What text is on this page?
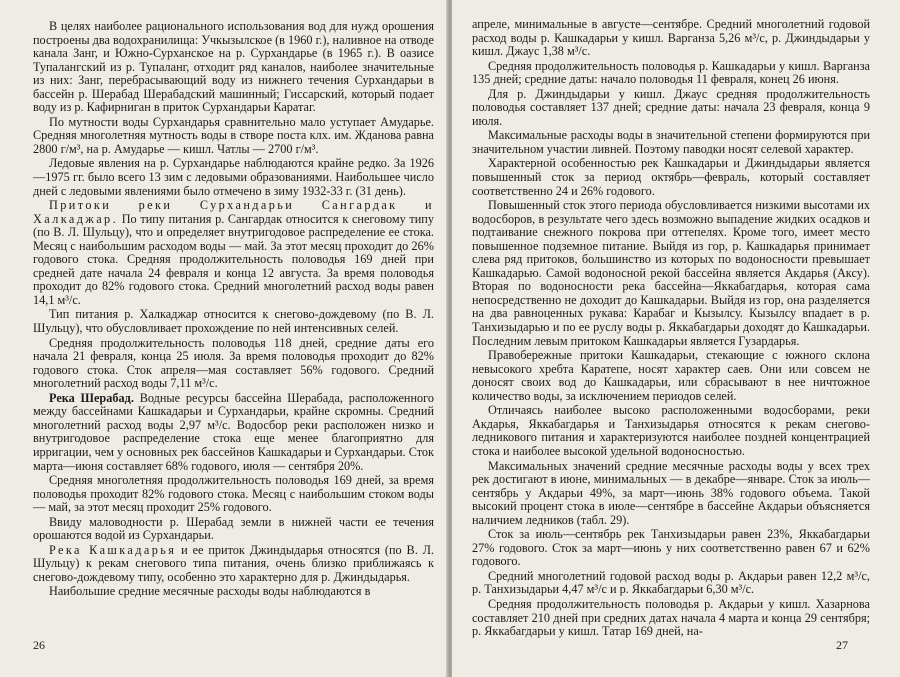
В целях наиболее рационального использования вод для нужд орошения построены два водохранилища: Учкызылское (в 1960 г.), наливное на отводе канала Занг, и Южно-Сурханское на р. Сурхандарье (в 1965 г.). В оазисе Тупалангский из р. Тупаланг, отходит ряд каналов, наиболее значительные из них: Занг, перебрасывающий воду из нижнего течения Сурхандарьи в бассейн р. Шерабад Шерабадский машинный; Гиссарский, который подает воду из р. Кафирниган в приток Сурхандарьи Каратаг.

По мутности воды Сурхандарья сравнительно мало уступает Амударье. Средняя многолетняя мутность воды в створе поста клх. им. Жданова равна 2800 г/м³, на р. Амударье — кишл. Чатлы — 2700 г/м³.

Ледовые явления на р. Сурхандарье наблюдаются крайне редко. За 1926—1975 гг. было всего 13 зим с ледовыми образованиями. Наибольшее число дней с ледовыми явлениями было отмечено в зиму 1932-33 г. (31 день).

Притоки реки Сурхандарьи Сангардак и Халкаджар. По типу питания р. Сангардак относится к снеговому типу (по В. Л. Шульцу), что и определяет внутригодовое распределение ее стока. Месяц с наибольшим расходом воды — май. За этот месяц проходит до 26% годового стока. Средняя продолжительность половодья 169 дней при средней дате начала 24 февраля и конца 12 августа. За время половодья проходит до 82% годового стока. Средний многолетний расход воды равен 14,1 м³/с.

Тип питания р. Халкаджар относится к снегово-дождевому (по В. Л. Шульцу), что обусловливает прохождение по ней интенсивных селей.

Средняя продолжительность половодья 118 дней, средние даты его начала 21 февраля, конца 25 июля. За время половодья проходит до 82% годового стока. Сток апреля—мая составляет 56% годового. Средний многолетний расход воды 7,11 м³/с.

Река Шерабад. Водные ресурсы бассейна Шерабада, расположенного между бассейнами Кашкадарьи и Сурхандарьи, крайне скромны. Средний многолетний расход воды 2,97 м³/с. Водосбор реки расположен низко и внутригодовое распределение стока еще менее благоприятно для ирригации, чем у основных рек бассейнов Кашкадарьи и Сурхандарьи. Сток марта—июня составляет 68% годового, июля — сентября 20%.

Средняя многолетняя продолжительность половодья 169 дней, за время половодья проходит 82% годового стока. Месяц с наибольшим стоком воды — май, за этот месяц проходит 25% годового.

Ввиду маловодности р. Шерабад земли в нижней части ее течения орошаются водой из Сурхандарьи.

Река Кашкадарья и ее приток Джиндыдарья относятся (по В. Л. Шульцу) к рекам снегового типа питания, очень близко приближаясь к снегово-дождевому типу, особенно это характерно для р. Джиндыдарья.

Наибольшие средние месячные расходы воды наблюдаются в

апреле, минимальные в августе—сентябре. Средний многолетний годовой расход воды р. Кашкадарьи у кишл. Варганза 5,26 м³/с, р. Джиндыдарьи у кишл. Джаус 1,38 м³/с.

Средняя продолжительность половодья р. Кашкадарьи у кишл. Варганза 135 дней; средние даты: начало половодья 11 февраля, конец 26 июня.

Для р. Джиндыдарьи у кишл. Джаус средняя продолжительность половодья составляет 137 дней; средние даты: начала 23 февраля, конца 9 июля.

Максимальные расходы воды в значительной степени формируются при значительном участии ливней. Поэтому паводки носят селевой характер.

Характерной особенностью рек Кашкадарьи и Джиндыдарьи является повышенный сток за период октябрь—февраль, который составляет соответственно 24 и 26% годового.

Повышенный сток этого периода обусловливается низкими высотами их водосборов, в результате чего здесь возможно выпадение жидких осадков и подтаивание снежного покрова при оттепелях. Кроме того, имеет место повышенное подземное питание. Выйдя из гор, р. Кашкадарья принимает слева ряд притоков, большинство из которых по водоносности превышает Кашкадарью. Самой водоносной рекой бассейна является Акдарья (Аксу). Вторая по водоносности река бассейна—Яккабагдарья, которая сама непосредственно не доходит до Кашкадарьи. Выйдя из гор, она разделяется на два равноценных рукава: Карабаг и Кызылсу. Кызылсу впадает в р. Танхизыдарью и по ее руслу воды р. Яккабагдарьи доходят до Кашкадарьи. Последним левым притоком Кашкадарьи является Гузардарья.

Правобережные притоки Кашкадарьи, стекающие с южного склона невысокого хребта Каратепе, носят характер саев. Они или совсем не доносят своих вод до Кашкадарьи, или сбрасывают в нее ничтожное количество воды, за исключением периодов селей.

Отличаясь наиболее высоко расположенными водосборами, реки Акдарья, Яккабагдарья и Танхизыдарья относятся к рекам снегово-ледникового питания и характеризуются наиболее поздней концентрацией стока и наиболее высокой удельной водоносностью.

Максимальных значений средние месячные расходы воды у всех трех рек достигают в июне, минимальных — в декабре—январе. Сток за июль—сентябрь у Акдарьи 49%, за март—июнь 38% годового объема. Такой высокий процент стока в июле—сентябре в бассейне Акдарьи объясняется наличием ледников (табл. 29).

Сток за июль—сентябрь рек Танхизыдарьи равен 23%, Яккабагдарьи 27% годового. Сток за март—июнь у них соответственно равен 67 и 62% годового.

Средний многолетний годовой расход воды р. Акдарьи равен 12,2 м³/с, р. Танхизыдарьи 4,47 м³/с и р. Яккабагдарьи 6,30 м³/с.

Средняя продолжительность половодья р. Акдарьи у кишл. Хазарнова составляет 210 дней при средних датах начала 4 марта и конца 29 сентября; р. Яккабагдарьи у кишл. Татар 169 дней, на-

26	27
